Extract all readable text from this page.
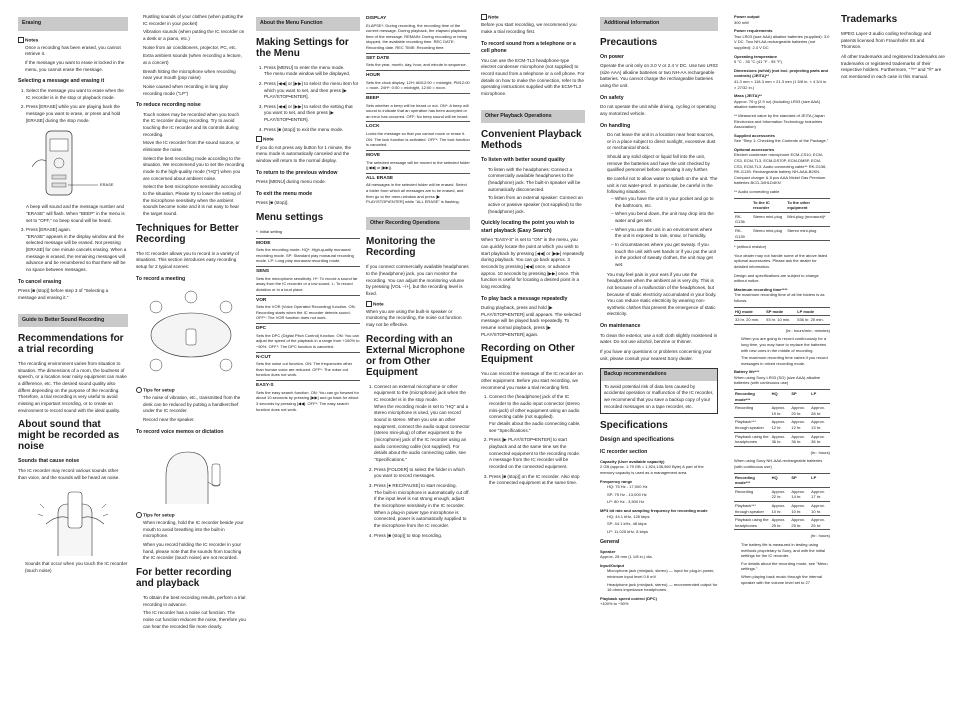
Erasing
Notes
• Once a recording has been erased, you cannot retrieve it.
• If the message you want to erase is locked in the menu, you cannot erase the message.
Selecting a message and erasing it
1. Select the message you want to erase when the IC recorder is in the stop or playback mode.
2. Press [ERASE] while you are playing back the message you want to erase, or press and hold [ERASE] during the stop mode.
ERASE
A beep will sound and the message number and "ERASE" will flash. When "BEEP" in the menu is set to "OFF," no beep sound will be heard.
3. Press [ERASE] again.

"ERASE" appears in the display window and the selected message will be erased. Not pressing [ERASE] for one minute cancels erasing. When a message is erased, the remaining messages will advance and be renumbered so that there will be no space between messages.

To cancel erasing

Press [■ (stop)] before step 3 of "Selecting a message and erasing it."

Guide to Better Sound Recording
Recommendations for a trial recording

The recording environment varies from situation to situation. The dimensions of a room, the loudness of speech, or a location near noisy equipment can make a difference, etc. The desired sound quality also differs depending on the purpose of the recording. Therefore, a trial recording is very useful to avoid missing an important recording, or to create an environment to record sound with the ideal quality.

About sound that might be recorded as noise
Sounds that cause noise

The IC recorder may record various sounds other than voice, and the sounds will be heard as noise.

• Sounds that occur when you touch the IC recorder (touch noise)
• Rustling sounds of your clothes (when putting the IC recorder in your pocket)
• Vibration sounds (when putting the IC recorder on a desk or a piano, etc.)
• Noise from air conditioners, projector, PC, etc.
• Extra ambient sounds (when recording a lecture, at a concert)
• Breath hitting the microphone when recording near your mouth (pop noise)
• Noise caused when recording in long play recording mode ("LP")
To reduce recording noise
• Touch noises may be recorded when you touch the IC recorder during recording. Try to avoid touching the IC recorder and its controls during recording.
• Move the IC recorder from the sound source, or eliminate the noise.
• Select the best recording mode according to the situation. We recommend you to set the recording mode to the high-quality mode ("HQ") when you are concerned about ambient noise.
• Select the best microphone sensitivity according to the situation. Please try to lower the setting of the microphone sensitivity when the ambient sounds become noise and it is not easy to hear the target sound.
Techniques for Better Recording

The IC recorder allows you to record in a variety of situations. This section introduces easy recording setup for 2 typical scenes:

To record a meeting
Tips for setup
• The noise of vibration, etc., transmitted from the desk can be reduced by putting a handkerchief under the IC recorder.
• Record near the speaker.
To record voice memos or dictation
Tips for setup
• When recording, hold the IC recorder beside your mouth to avoid breathing into the built-in microphone.
• When you record holding the IC recorder in your hand, please note that the sounds from touching the IC recorder (touch noise) are not recorded.
For better recording and playback
• To obtain the best recording results, perform a trial recording in advance.
• The IC recorder has a noise cut function. The noise cut function reduces the noise, therefore you can hear the recorded file more clearly.
About the Menu Function
Making Settings for the Menu
1. Press [MENU] to enter the menu mode.

The menu mode window will be displayed.

2. Press [◀◀] or [▶▶] to select the menu item for which you want to set, and then press [▶ PLAY/STOP•ENTER].
3. Press [◀◀] or [▶▶] to select the setting that you want to set, and then press [▶ PLAY/STOP•ENTER].
4. Press [■ (stop)] to exit the menu mode.
Note

If you do not press any button for 1 minute, the menu mode is automatically canceled and the window will return to the normal display.

To return to the previous window

Press [MENU] during menu mode.

To exit the menu mode

Press [■ (stop)].

Menu settings

*: Initial setting

MODE
Sets the recording mode. HQ*: High-quality monaural recording mode. SP: Standard play monaural recording mode. LP: Long play monaural recording mode.
SENS
Sets the microphone sensitivity. H*: To record a sound far away from the IC recorder or a low sound. L: To record dictation or in a loud place.
VOR
Sets the VOR (Voice Operated Recording) function. ON: Recording starts when the IC recorder detects sound. OFF*: The VOR function does not work.
DPC
Sets the DPC (Digital Pitch Control) function. ON: You can adjust the speed of the playback in a range from +100% to −50%. OFF*: The DPC function is canceled.
N-CUT
Sets the noise cut function. ON: The frequencies other than human voice are reduced. OFF*: The noise cut function does not work.
EASY-S
Sets the easy search function. ON: You can go forward for about 10 seconds by pressing [▶▶] and go back for about 3 seconds by pressing [◀◀]. OFF*: The easy search function does not work.
DISPLAY
ELAPSE*: During recording, the recording time of the current message. During playback, the elapsed playback time of the message. REMAIN: During recording or being stopped, the available recording time. REC DATE: Recording date. REC TIME: Recording time.
SET DATE
Sets the year, month, day, hour, and minute in sequence.
HOUR
Sets the clock display. 12H: AM12:00 = midnight, PM12:00 = noon. 24H*: 0:00 = midnight, 12:00 = noon.
BEEP
Sets whether a beep will be heard or not. ON*: A beep will sound to indicate that an operation has been accepted or an error has occurred. OFF: No beep sound will be heard.
LOCK
Locks the message so that you cannot move or erase it. ON: The lock function is activated. OFF*: The lock function is canceled.
MOVE
The selected message will be moved to the selected folder ([◀◀] or [▶▶]).
ALL ERASE
All messages in the selected folder will be erased. Select a folder from which all messages are to be erased, and then go to the menu window and press [▶ PLAY/STOP•ENTER] while "ALL ERASE" is flashing.
Other Recording Operations
Monitoring the Recording

If you connect commercially available headphones to the (headphone) jack, you can monitor the recording. You can adjust the monitoring volume by pressing [VOL −/+], but the recording level is fixed.

Note

When you are using the built-in speaker or monitoring the recording, the noise cut function may not be effective.

Recording with an External Microphone or from Other Equipment
1. Connect an external microphone or other equipment to the (microphone) jack when the IC recorder is in the stop mode.

When the recording mode is set to "HQ" and a stereo microphone is used, you can record sound in stereo. When you use an other equipment, connect the audio output connector (stereo mini-plug) of other equipment to the (microphone) jack of the IC recorder using an audio connecting cable (not supplied). For details about the audio connecting cable, see "Specifications."

2. Press [FOLDER] to select the folder in which you want to record messages.
3. Press [● REC/PAUSE] to start recording.

The built-in microphone is automatically cut off. If the input level is not strong enough, adjust the microphone sensitivity in the IC recorder. When a plug-in power type microphone is connected, power is automatically supplied to the microphone from the IC recorder.

4. Press [■ (stop)] to stop recording.
Note

Before you start recording, we recommend you make a trial recording first.

To record sound from a telephone or a cell phone

You can use the ECM-TL3 headphone-type electret condenser microphone (not supplied) to record sound from a telephone or a cell phone. For details on how to make the connection, refer to the operating instructions supplied with the ECM-TL3 microphone.

Other Playback Operations
Convenient Playback Methods
To listen with better sound quality
• To listen with the headphones: Connect a commercially available headphones to the (headphone) jack. The built-in speaker will be automatically disconnected.
• To listen from an external speaker: Connect an active or passive speaker (not supplied) to the (headphone) jack.
Quickly locating the point you wish to start playback (Easy Search)

When "EASY-S" is set to "ON" in the menu, you can quickly locate the point at which you wish to start playback by pressing [◀◀] or [▶▶] repeatedly during playback. You can go back approx. 3 seconds by pressing [◀◀] once, or advance approx. 10 seconds by pressing [▶▶] once. This function is useful for locating a desired point in a long recording.

To play back a message repeatedly

During playback, press and hold [▶ PLAY/STOP•ENTER] until appears. The selected message will be played back repeatedly. To resume normal playback, press [▶ PLAY/STOP•ENTER] again.

Recording on Other Equipment

You can record the message of the IC recorder on other equipment. Before you start recording, we recommend you make a trial recording first.

1. Connect the (headphone) jack of the IC recorder to the audio input connector (stereo mini-jack) of other equipment using an audio connecting cable (not supplied).

For details about the audio connecting cable, see "Specifications."

2. Press [▶ PLAY/STOP•ENTER] to start playback and at the same time set the connected equipment to the recording mode.

A message from the IC recorder will be recorded on the connected equipment.

3. Press [■ (stop)] on the IC recorder. Also stop the connected equipment at the same time.
Additional Information
Precautions
On power

Operate the unit only on 3.0 V or 2.4 V DC. Use two LR03 (size AAA) alkaline batteries or two NH-AA rechargeable batteries. You cannot charge the rechargeable batteries using the unit.

On safety

Do not operate the unit while driving, cycling or operating any motorized vehicle.

On handling
• Do not leave the unit in a location near heat sources, or in a place subject to direct sunlight, excessive dust or mechanical shock.
• Should any solid object or liquid fall into the unit, remove the batteries and have the unit checked by qualified personnel before operating it any further.
• Be careful not to allow water to splash on the unit. The unit is not water-proof. In particular, be careful in the following situations.
– When you have the unit in your pocket and go to the bathroom, etc.
– When you bend down, the unit may drop into the water and get wet.
– When you use the unit in an environment where the unit is exposed to rain, snow, or humidity.
– In circumstances where you get sweaty. If you touch the unit with wet hands or if you put the unit in the pocket of sweaty clothes, the unit may get wet.
• You may feel pain in your ears if you use the headphones when the ambient air is very dry. This is not because of a malfunction of the headphones, but because of static electricity accumulated in your body. You can reduce static electricity by wearing non-synthetic clothes that prevent the emergence of static electricity.
On maintenance

To clean the exterior, use a soft cloth slightly moistened in water. Do not use alcohol, benzine or thinner.

If you have any questions or problems concerning your unit, please consult your nearest Sony dealer.

Backup recommendations

To avoid potential risk of data loss caused by accidental operation or malfunction of the IC recorder, we recommend that you save a backup copy of your recorded messages on a tape recorder, etc.

Specifications
Design and specifications
IC recorder section
Capacity (User available capacity)

2 GB (approx. 1.79 GB = 1,924,136,960 Byte) A part of the memory capacity is used as a management area.

Frequency range
• HQ: 75 Hz - 17,000 Hz
• SP: 75 Hz - 13,000 Hz
• LP: 80 Hz - 3,500 Hz
MP3 bit rate and sampling frequency for recording mode
• HQ: 44.1 kHz, 128 kbps
• SP: 44.1 kHz, 48 kbps
• LP: 11.025 kHz, 8 kbps
General
Speaker

Approx. 28 mm (1 1/8 in.) dia.

Input/Output
• Microphone jack (minijack, stereo) — input for plug-in power, minimum input level 0.6 mV
• Headphone jack (minijack, stereo) — recommended output for 16 ohms impedance headphones
Playback speed control (DPC)

+100% to −50%

Power output

300 mW

Power requirements

Two LR03 (size AAA) alkaline batteries (supplied): 3.0 V DC. Two NH-AA rechargeable batteries (not supplied): 2.4 V DC

Operating temperature

5 °C - 35 °C (41 °F - 95 °F)

Dimensions (w/h/d) (not incl. projecting parts and controls) (JEITA)**

41.3 mm × 118.3 mm × 21.3 mm (1 5/8 in. × 4 3/4 in. × 27/32 in.)

Mass (JEITA)**

Approx. 76 g (2.9 oz) (including LR03 (size AAA) alkaline batteries)

** Measured value by the standard of JEITA (Japan Electronics and Information Technology Industries Association)

Supplied accessories

See "Step 1: Checking the Contents of the Package."

Optional accessories

Electret condenser microphone ECM-CS10, ECM-CS3, ECM-TL3, ECM-DS70P, ECM-DM5P, ECM-CS3, ECM-TL3. Audio connecting cable** RK-G136, RK-G139. Rechargeable battery NH-AAA-B2KN. Compact charger & 8 pcs AAA Nickel Gas Premium batteries BCG-34HLD4KN

** Audio connecting cable

	To the IC recorder	To the other equipment
RK-G136	Stereo mini-plug	Mini-plug (monaural)*
RK-G139	Stereo mini-plug	Stereo mini-plug

* (without resistor)

Your dealer may not handle some of the above listed optional accessories. Please ask the dealer for detailed information.

Design and specifications are subject to change without notice.

Maximum recording time****

The maximum recording time of all the folders is as follows.

HQ mode	SP mode	LP mode
33 hr. 20 min.	93 hr. 10 min.	536 hr. 25 min.

(hr.: hours/min.: minutes)

• When you are going to record continuously for a long time, you may have to replace the batteries with new ones in the middle of recording.
• The maximum recording time varies if you record messages in mixed recording mode.
Battery life***

When using Sony LR03 (SG) (size AAA) alkaline batteries (with continuous use)

Recording mode***	HQ	SP	LP
Recording	Approx. 19 hr.	Approx. 20 hr.	Approx. 28 hr.
Playback*** through speaker	Approx. 12 hr.	Approx. 12 hr.	Approx. 13 hr.
Playback using the headphones	Approx. 36 hr.	Approx. 36 hr.	Approx. 36 hr.

(hr.: hours)

When using Sony NH-AAA rechargeable batteries (with continuous use)

Recording mode***	HQ	SP	LP
Recording	Approx. 22 hr.	Approx. 14 hr.	Approx. 17 hr.
Playback*** through speaker	Approx. 10 hr.	Approx. 10 hr.	Approx. 10 hr.
Playback using the headphones	Approx. 25 hr.	Approx. 25 hr.	Approx. 25 hr.

(hr.: hours)

• The battery life is measured in testing using methods proprietary to Sony, and with the initial settings for the IC recorder.
• For details about the recording mode, see "Menu settings."
• When playing back music through the internal speaker with the volume level set to 27
Trademarks

MPEG Layer-3 audio coding technology and patents licensed from Fraunhofer IIS and Thomson.

All other trademarks and registered trademarks are trademarks or registered trademarks of their respective holders. Furthermore, "™" and "®" are not mentioned in each case in this manual.
